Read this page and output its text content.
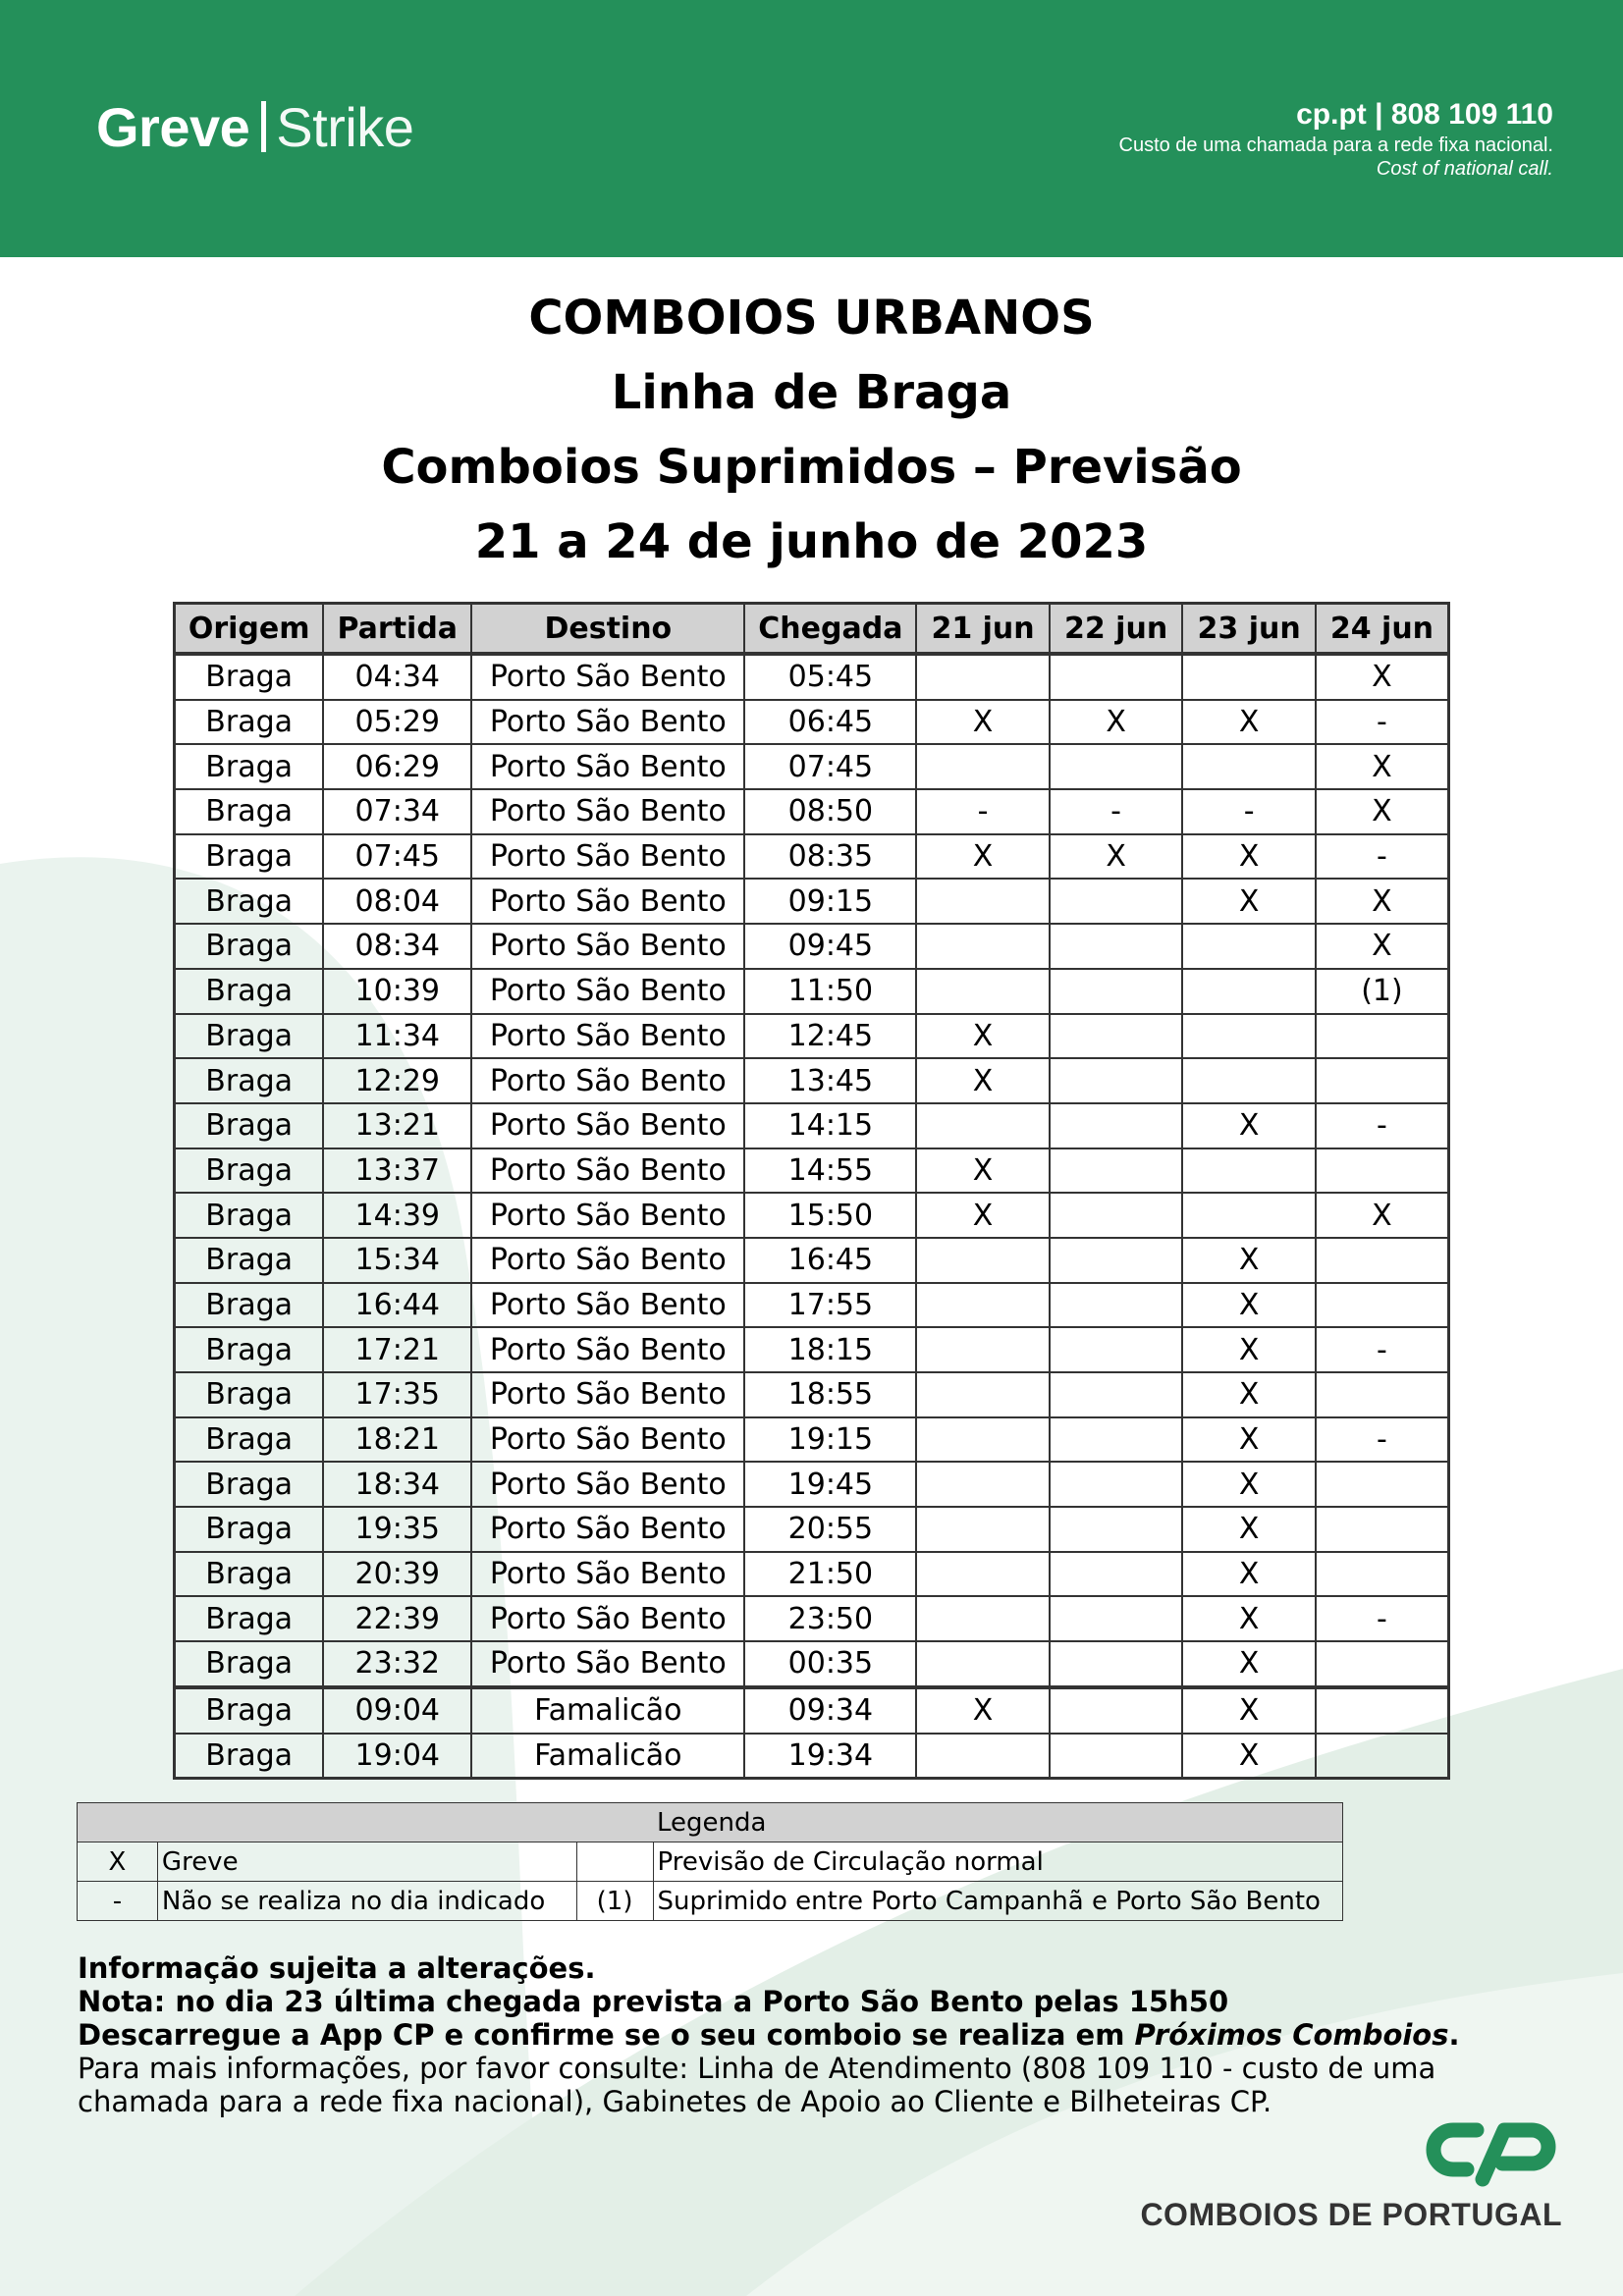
Greve Strike	cp.pt | 808 109 110
Custo de uma chamada para a rede fixa nacional.
Cost of national call.
COMBOIOS URBANOS
Linha de Braga
Comboios Suprimidos – Previsão
21 a 24 de junho de 2023
Origem	Partida	Destino	Chegada	21 jun	22 jun	23 jun	24 jun
Braga	04:34	Porto São Bento	05:45				X
Braga	05:29	Porto São Bento	06:45	X	X	X	-
Braga	06:29	Porto São Bento	07:45				X
Braga	07:34	Porto São Bento	08:50	-	-	-	X
Braga	07:45	Porto São Bento	08:35	X	X	X	-
Braga	08:04	Porto São Bento	09:15			X	X
Braga	08:34	Porto São Bento	09:45				X
Braga	10:39	Porto São Bento	11:50				(1)
Braga	11:34	Porto São Bento	12:45	X			
Braga	12:29	Porto São Bento	13:45	X			
Braga	13:21	Porto São Bento	14:15			X	-
Braga	13:37	Porto São Bento	14:55	X			
Braga	14:39	Porto São Bento	15:50	X			X
Braga	15:34	Porto São Bento	16:45			X	
Braga	16:44	Porto São Bento	17:55			X	
Braga	17:21	Porto São Bento	18:15			X	-
Braga	17:35	Porto São Bento	18:55			X	
Braga	18:21	Porto São Bento	19:15			X	-
Braga	18:34	Porto São Bento	19:45			X	
Braga	19:35	Porto São Bento	20:55			X	
Braga	20:39	Porto São Bento	21:50			X	
Braga	22:39	Porto São Bento	23:50			X	-
Braga	23:32	Porto São Bento	00:35			X	
Braga	09:04	Famalicão	09:34	X		X	
Braga	19:04	Famalicão	19:34			X	
Legenda			
X	Greve		Previsão de Circulação normal
-	Não se realiza no dia indicado	(1)	Suprimido entre Porto Campanhã e Porto São Bento
Informação sujeita a alterações.
Nota: no dia 23 última chegada prevista a Porto São Bento pelas 15h50
Descarregue a App CP e confirme se o seu comboio se realiza em Próximos Comboios.
Para mais informações, por favor consulte: Linha de Atendimento (808 109 110 - custo de uma chamada para a rede fixa nacional), Gabinetes de Apoio ao Cliente e Bilheteiras CP.
COMBOIOS DE PORTUGAL
